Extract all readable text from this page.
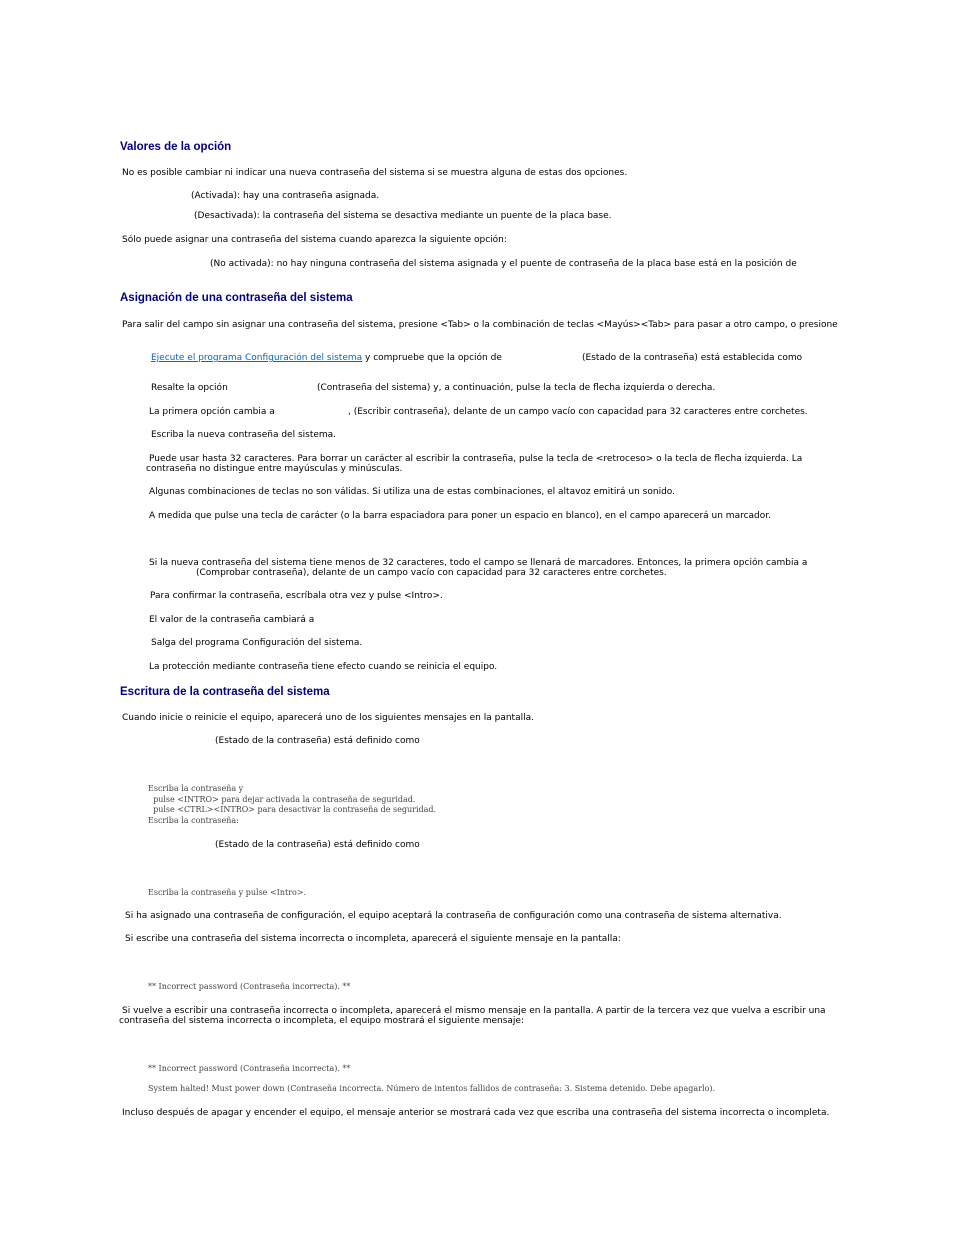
Valores de la opción

No es posible cambiar ni indicar una nueva contraseña del sistema si se muestra alguna de estas dos opciones.

(Activada): hay una contraseña asignada.

(Desactivada): la contraseña del sistema se desactiva mediante un puente de la placa base.

Sólo puede asignar una contraseña del sistema cuando aparezca la siguiente opción:

(No activada): no hay ninguna contraseña del sistema asignada y el puente de contraseña de la placa base está en la posición de

Asignación de una contraseña del sistema

Para salir del campo sin asignar una contraseña del sistema, presione <Tab> o la combinación de teclas <Mayús><Tab> para pasar a otro campo, o presione

Ejecute el programa Configuración del sistema y compruebe que la opción de	(Estado de la contraseña) está establecida como

Resalte la opción	(Contraseña del sistema) y, a continuación, pulse la tecla de flecha izquierda o derecha.

La primera opción cambia a	, (Escribir contraseña), delante de un campo vacío con capacidad para 32 caracteres entre corchetes.

Escriba la nueva contraseña del sistema.

Puede usar hasta 32 caracteres. Para borrar un carácter al escribir la contraseña, pulse la tecla de <retroceso> o la tecla de flecha izquierda. La

contraseña no distingue entre mayúsculas y minúsculas.

Algunas combinaciones de teclas no son válidas. Si utiliza una de estas combinaciones, el altavoz emitirá un sonido.

A medida que pulse una tecla de carácter (o la barra espaciadora para poner un espacio en blanco), en el campo aparecerá un marcador.

Si la nueva contraseña del sistema tiene menos de 32 caracteres, todo el campo se llenará de marcadores. Entonces, la primera opción cambia a

(Comprobar contraseña), delante de un campo vacío con capacidad para 32 caracteres entre corchetes.

Para confirmar la contraseña, escríbala otra vez y pulse <Intro>.

El valor de la contraseña cambiará a

Salga del programa Configuración del sistema.

La protección mediante contraseña tiene efecto cuando se reinicia el equipo.

Escritura de la contraseña del sistema

Cuando inicie o reinicie el equipo, aparecerá uno de los siguientes mensajes en la pantalla.

(Estado de la contraseña) está definido como

Escriba la contraseña y
pulse <INTRO> para dejar activada la contraseña de seguridad.
pulse <CTRL><INTRO> para desactivar la contraseña de seguridad.
Escriba la contraseña:

(Estado de la contraseña) está definido como

Escriba la contraseña y pulse <Intro>.

Si ha asignado una contraseña de configuración, el equipo aceptará la contraseña de configuración como una contraseña de sistema alternativa.

Si escribe una contraseña del sistema incorrecta o incompleta, aparecerá el siguiente mensaje en la pantalla:

** Incorrect password (Contraseña incorrecta). **

Si vuelve a escribir una contraseña incorrecta o incompleta, aparecerá el mismo mensaje en la pantalla. A partir de la tercera vez que vuelva a escribir una

contraseña del sistema incorrecta o incompleta, el equipo mostrará el siguiente mensaje:

** Incorrect password (Contraseña incorrecta). **
System halted! Must power down (Contraseña incorrecta. Número de intentos fallidos de contraseña: 3. Sistema detenido. Debe apagarlo).

Incluso después de apagar y encender el equipo, el mensaje anterior se mostrará cada vez que escriba una contraseña del sistema incorrecta o incompleta.
